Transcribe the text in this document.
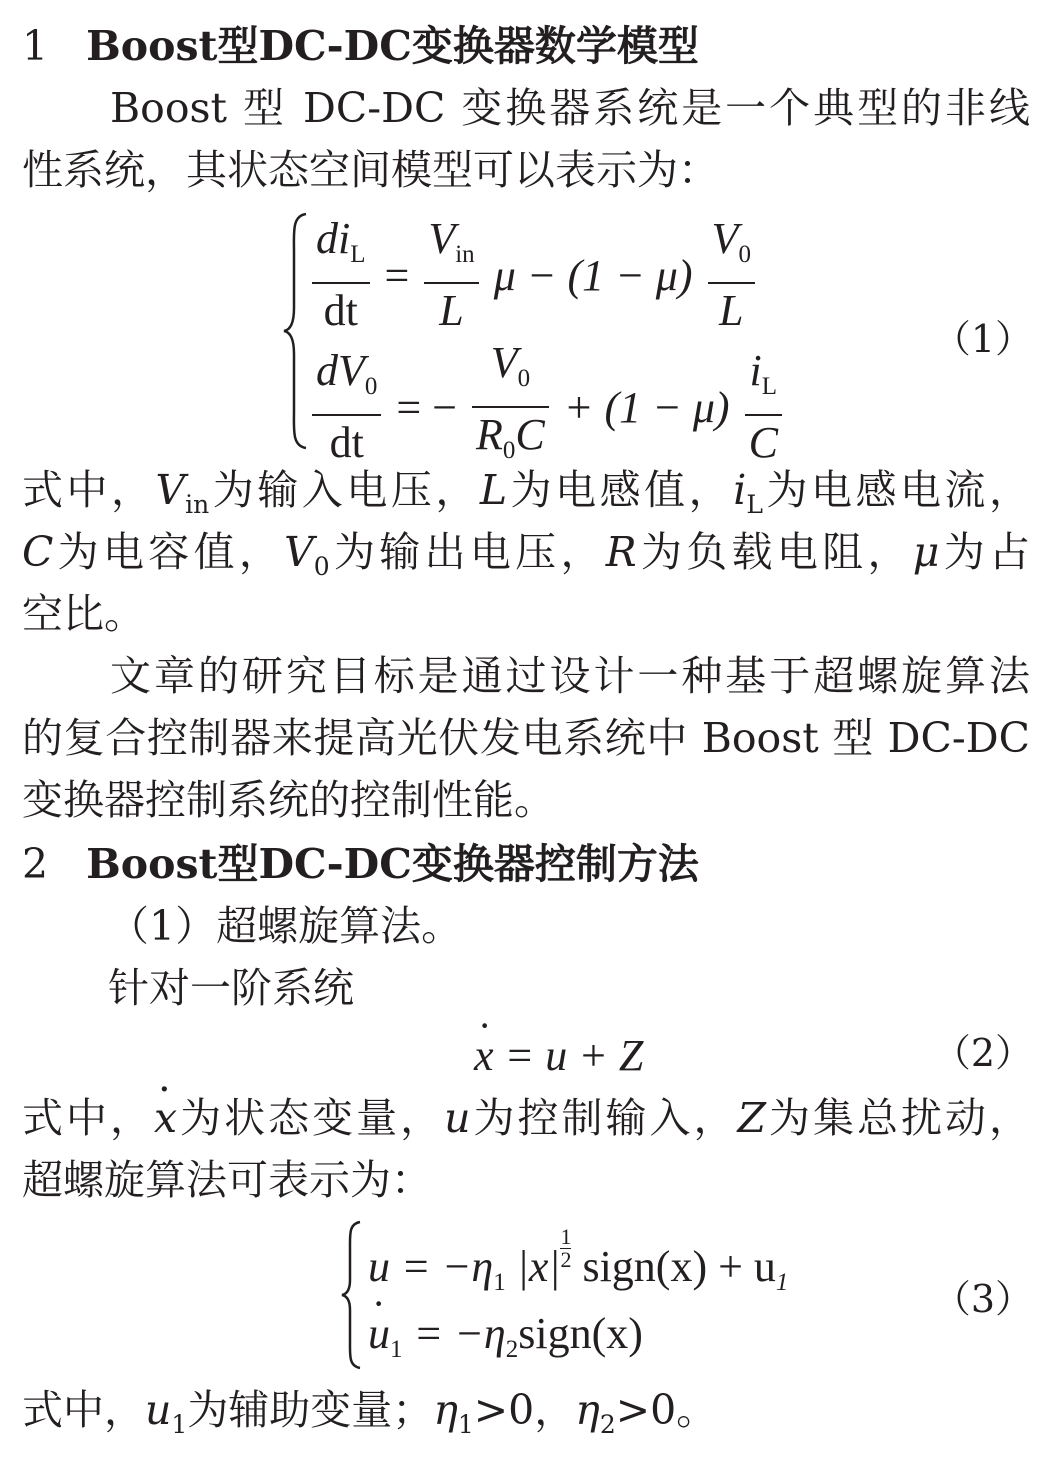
1 Boost型DC-DC变换器数学模型
Boost 型 DC-DC 变换器系统是一个典型的非线
性系统，其状态空间模型可以表示为：
$\frac{di_L}{dt} = \frac{V_{in}}{L}$ $\mu - (1 - \mu) \frac{V_0}{L}$
$\frac{dV_0}{dt}$ = − $\frac{V_0}{R_0C} + (1 - \mu) \frac{i_L}{C}$
（1）
式中，$V_{in}$为输入电压，L为电感值，$i_L$为电感电流，
C为电容值，$V_0$为输出电压，R为负载电阻，μ为占
空比。
文章的研究目标是通过设计一种基于超螺旋算法
的复合控制器来提高光伏发电系统中 Boost 型 DC-DC
变换器控制系统的控制性能。
2 Boost型DC-DC变换器控制方法
（1）超螺旋算法。
针对一阶系统
· x = u + Z	（2）
式中，· x为状态变量，u为控制输入，Z为集总扰动，
超螺旋算法可表示为：
$u = -\eta_1$ $|x| \frac{1}{2}$ sign(x) + $u_1$
· $u_1$ = $-\eta_2sign(x)$
（3）
式中，$u_1$为辅助变量；$\eta_1>0$，$\eta_2>0$。
